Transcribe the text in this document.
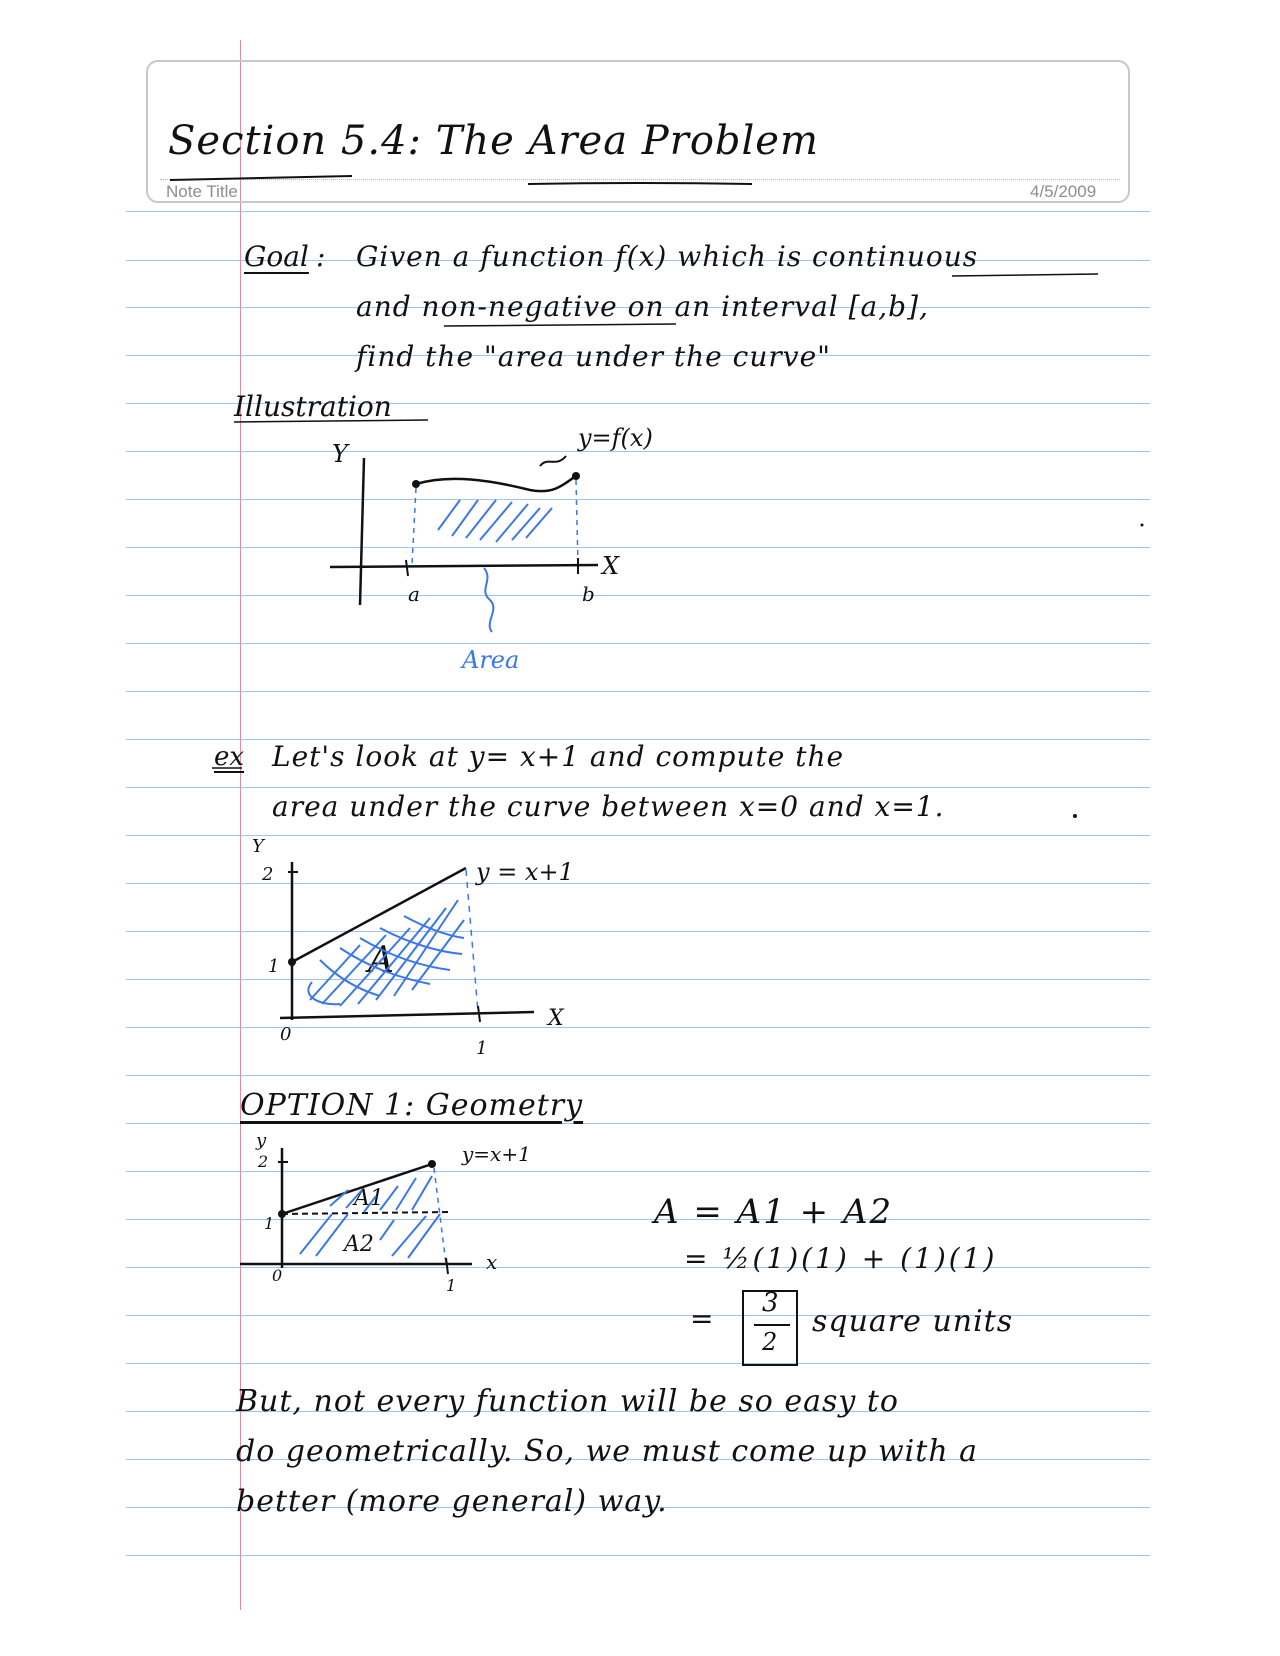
Section 5.4: The Area Problem
Note Title	4/5/2009
Goal : Given a function f(x) which is continuous
and non-negative on an interval [a,b],
find the "area under the curve"
Illustration
Y
y=f(x)
X
a	b
Area
ex Let's look at y= x+1 and compute the
area under the curve between x=0 and x=1.
Y
2
1
0
1
X
y = x+1
A
OPTION 1: Geometry
y
2
1
0
1
x
y=x+1
A1
A2
A = A1 + A2
= ½(1)(1) + (1)(1)
= 3
2
square units
But, not every function will be so easy to
do geometrically. So, we must come up with a
better (more general) way.
